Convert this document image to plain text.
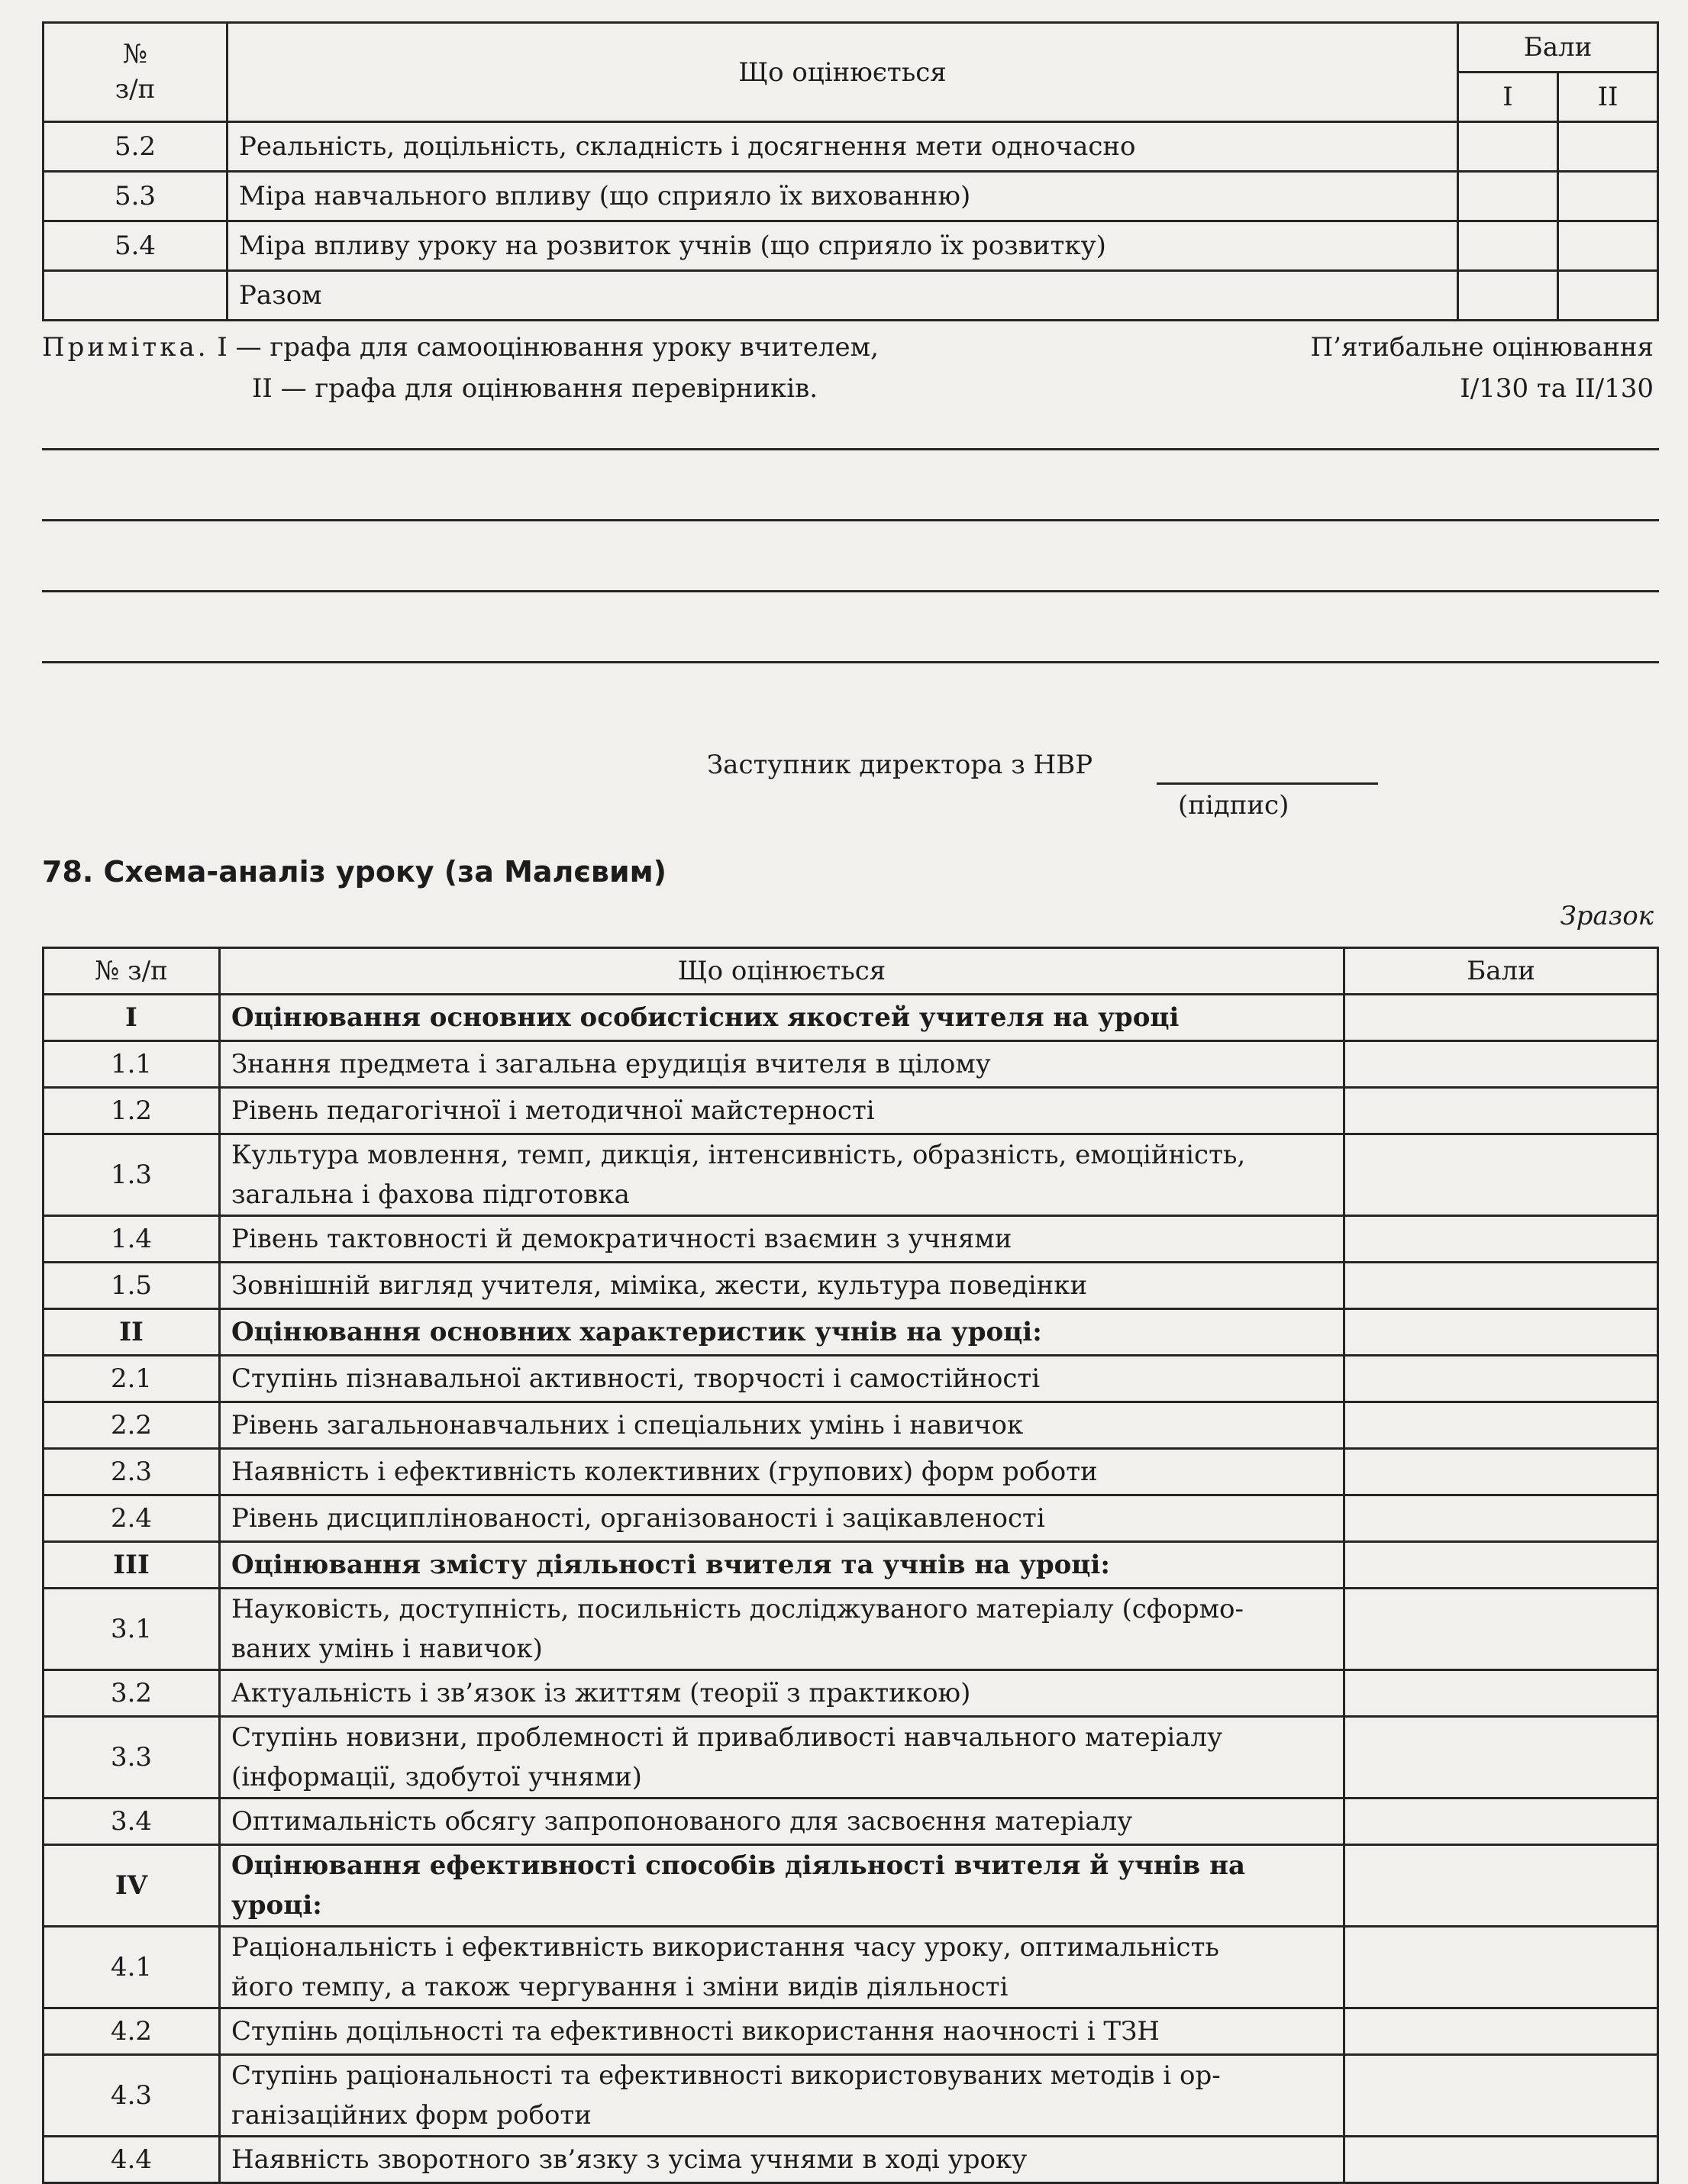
№
з/п	Що оцінюється	Бали	
		I	II
5.2	Реальність, доцільність, складність і досягнення мети одночасно		
5.3	Міра навчального впливу (що сприяло їх вихованню)		
5.4	Міра впливу уроку на розвиток учнів (що сприяло їх розвитку)		
	Разом		
Примітка. I — графа для самооцінювання уроку вчителем,
II — графа для оцінювання перевірників.
П’ятибальне оцінювання
I/130 та II/130
Заступник директора з НВР
(підпис)
78. Схема-аналіз уроку (за Малєвим)
Зразок
№ з/п	Що оцінюється	Бали
I	Оцінювання основних особистісних якостей учителя на уроці	
1.1	Знання предмета і загальна ерудиція вчителя в цілому	
1.2	Рівень педагогічної і методичної майстерності	
1.3	Культура мовлення, темп, дикція, інтенсивність, образність, емоційність,
загальна і фахова підготовка	
1.4	Рівень тактовності й демократичності взаємин з учнями	
1.5	Зовнішній вигляд учителя, міміка, жести, культура поведінки	
II	Оцінювання основних характеристик учнів на уроці:	
2.1	Ступінь пізнавальної активності, творчості і самостійності	
2.2	Рівень загальнонавчальних і спеціальних умінь і навичок	
2.3	Наявність і ефективність колективних (групових) форм роботи	
2.4	Рівень дисциплінованості, організованості і зацікавленості	
III	Оцінювання змісту діяльності вчителя та учнів на уроці:	
3.1	Науковість, доступність, посильність досліджуваного матеріалу (сформо-
ваних умінь і навичок)	
3.2	Актуальність і зв’язок із життям (теорії з практикою)	
3.3	Ступінь новизни, проблемності й привабливості навчального матеріалу
(інформації, здобутої учнями)	
3.4	Оптимальність обсягу запропонованого для засвоєння матеріалу	
IV	Оцінювання ефективності способів діяльності вчителя й учнів на уроці:	
4.1	Раціональність і ефективність використання часу уроку, оптимальність
його темпу, а також чергування і зміни видів діяльності	
4.2	Ступінь доцільності та ефективності використання наочності і ТЗН	
4.3	Ступінь раціональності та ефективності використовуваних методів і ор-
ганізаційних форм роботи	
4.4	Наявність зворотного зв’язку з усіма учнями в ході уроку	
